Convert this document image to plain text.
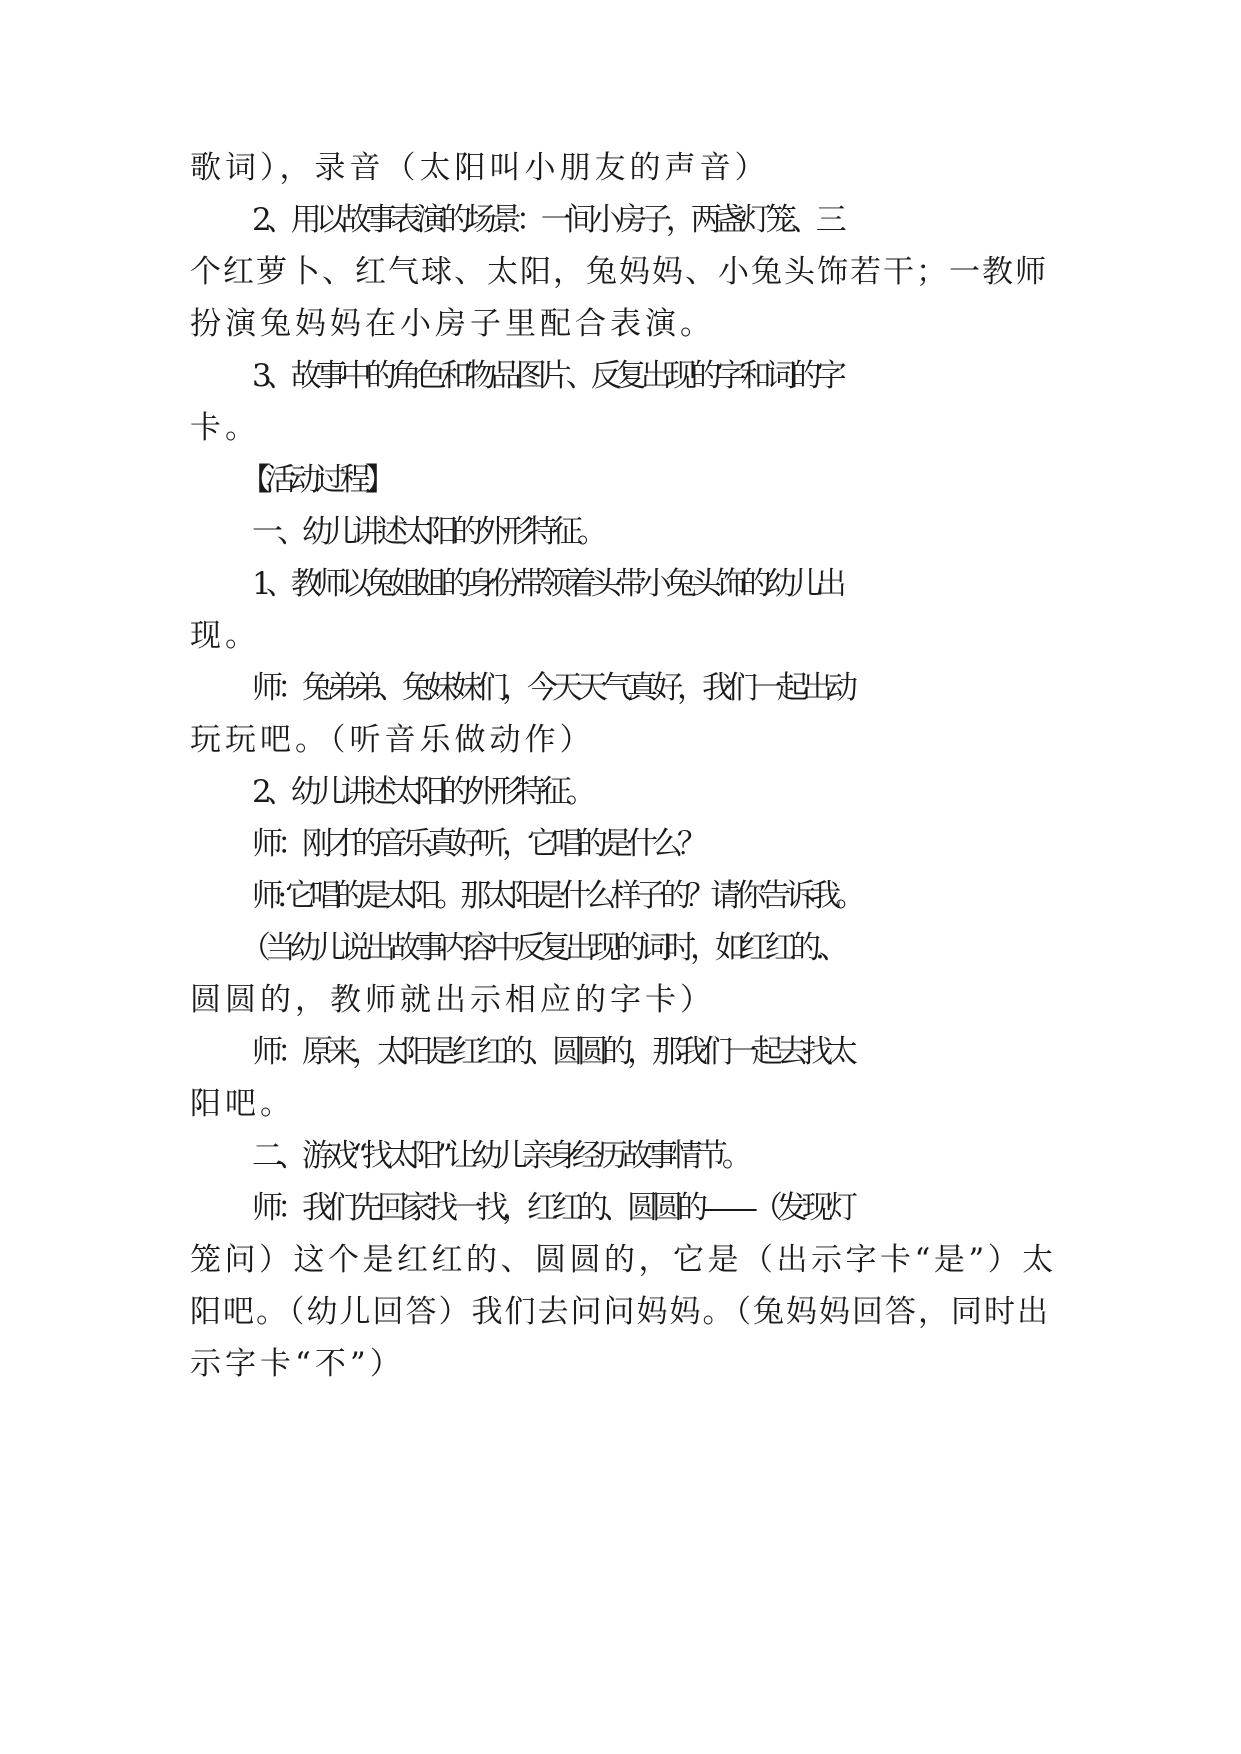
歌词），录音（太阳叫小朋友的声音）
2、用以故事表演的场景：一间小房子，两盏灯笼、三
个红萝卜、红气球、太阳，兔妈妈、小兔头饰若干；一教师
扮演兔妈妈在小房子里配合表演。
3、故事中的角色和物品图片、反复出现的字和词的字
卡。
【活动过程】
一、幼儿讲述太阳的外形特征。
1、教师以兔姐姐的身份带领着头带小兔头饰的幼儿出
现。
师：兔弟弟、兔妹妹们，今天天气真好，我们一起出动
玩玩吧。（听音乐做动作）
2、幼儿讲述太阳的外形特征。
师：刚才的音乐真好听，它唱的是什么？
师: 它唱的是太阳。那太阳是什么样子的？请你告诉我。
（当幼儿说出故事内容中反复出现的词时，如红红的.、
圆圆的，教师就出示相应的字卡）
师：原来，太阳是红红的、圆圆的，那我们一起去找太
阳吧。
二、游戏“找太阳”让幼儿亲身经历故事情节。
师：我们先回家找一找，红红的、圆圆的——（发现灯
笼问）这个是红红的、圆圆的，它是（出示字卡“是”）太
阳吧。（幼儿回答）我们去问问妈妈。（兔妈妈回答，同时出
示字卡“不”）
